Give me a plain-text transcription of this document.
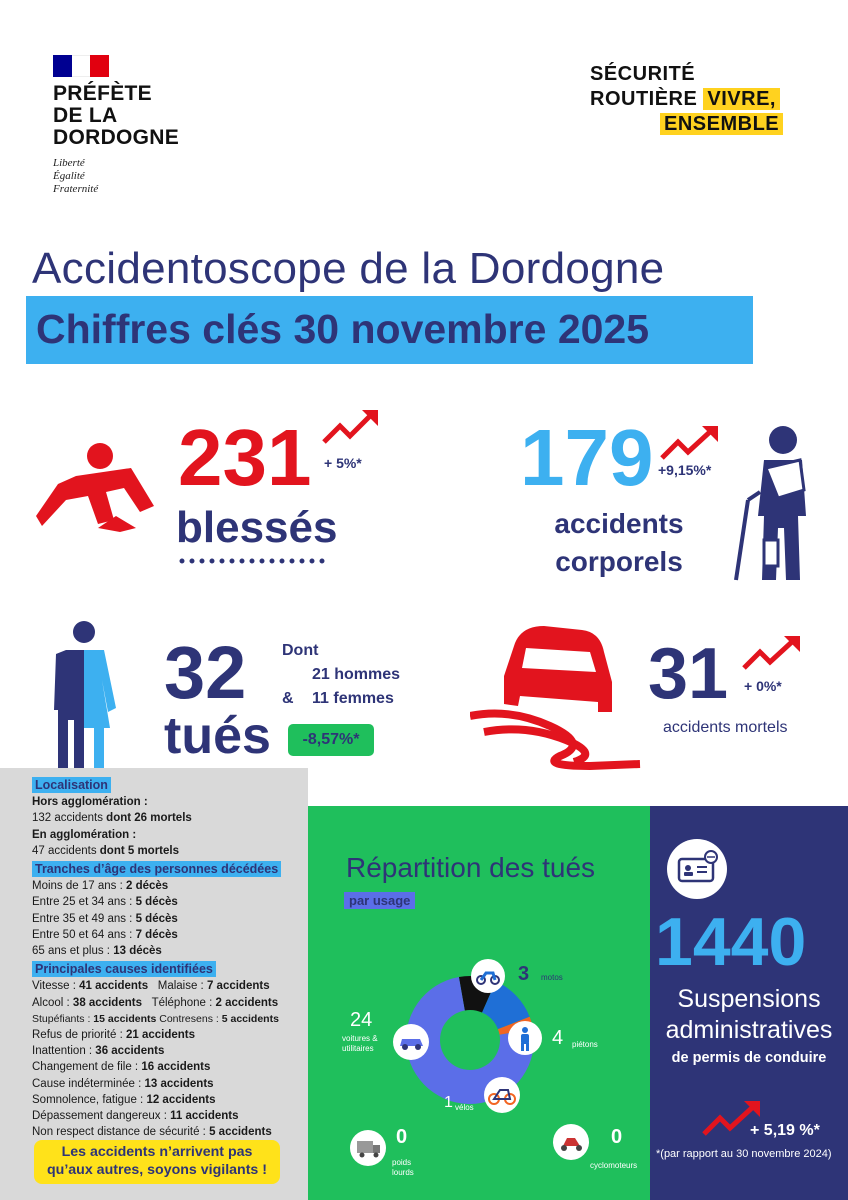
PRÉFÈTE
DE LA
DORDOGNE
Liberté
Égalité
Fraternité
SÉCURITÉ
ROUTIÈRE VIVRE,
ENSEMBLE
Accidentoscope de la Dordogne
Chiffres clés 30 novembre 2025
231 + 5%*
blessés
179 +9,15%*
accidents
corporels
32
tués
Dont
21 hommes
& 11 femmes
-8,57%*
31 + 0%*
accidents mortels
Localisation
Hors agglomération :
132 accidents dont 26 mortels
En agglomération :
47 accidents dont 5 mortels
Tranches d’âge des personnes décédées
Moins de 17 ans : 2 décès
Entre 25 et 34 ans : 5 décès
Entre 35 et 49 ans : 5 décès
Entre 50 et 64 ans : 7 décès
65 ans et plus : 13 décès
Principales causes identifiées
Vitesse : 41 accidents Malaise : 7 accidents
Alcool : 38 accidents Téléphone : 2 accidents
Stupéfiants : 15 accidents Contresens : 5 accidents
Refus de priorité : 21 accidents
Inattention : 36 accidents
Changement de file : 16 accidents
Cause indéterminée : 13 accidents
Somnolence, fatigue : 12 accidents
Dépassement dangereux : 11 accidents
Non respect distance de sécurité : 5 accidents
Les accidents n’arrivent pas
qu’aux autres, soyons vigilants !
Répartition des tués
par usage
3 motos
4 piétons
24
voitures &
utilitaires
1 vélos
0
poids
lourds
0
cyclomoteurs
1440
Suspensions
administratives
de permis de conduire
+ 5,19 %*
*(par rapport au 30 novembre 2024)
